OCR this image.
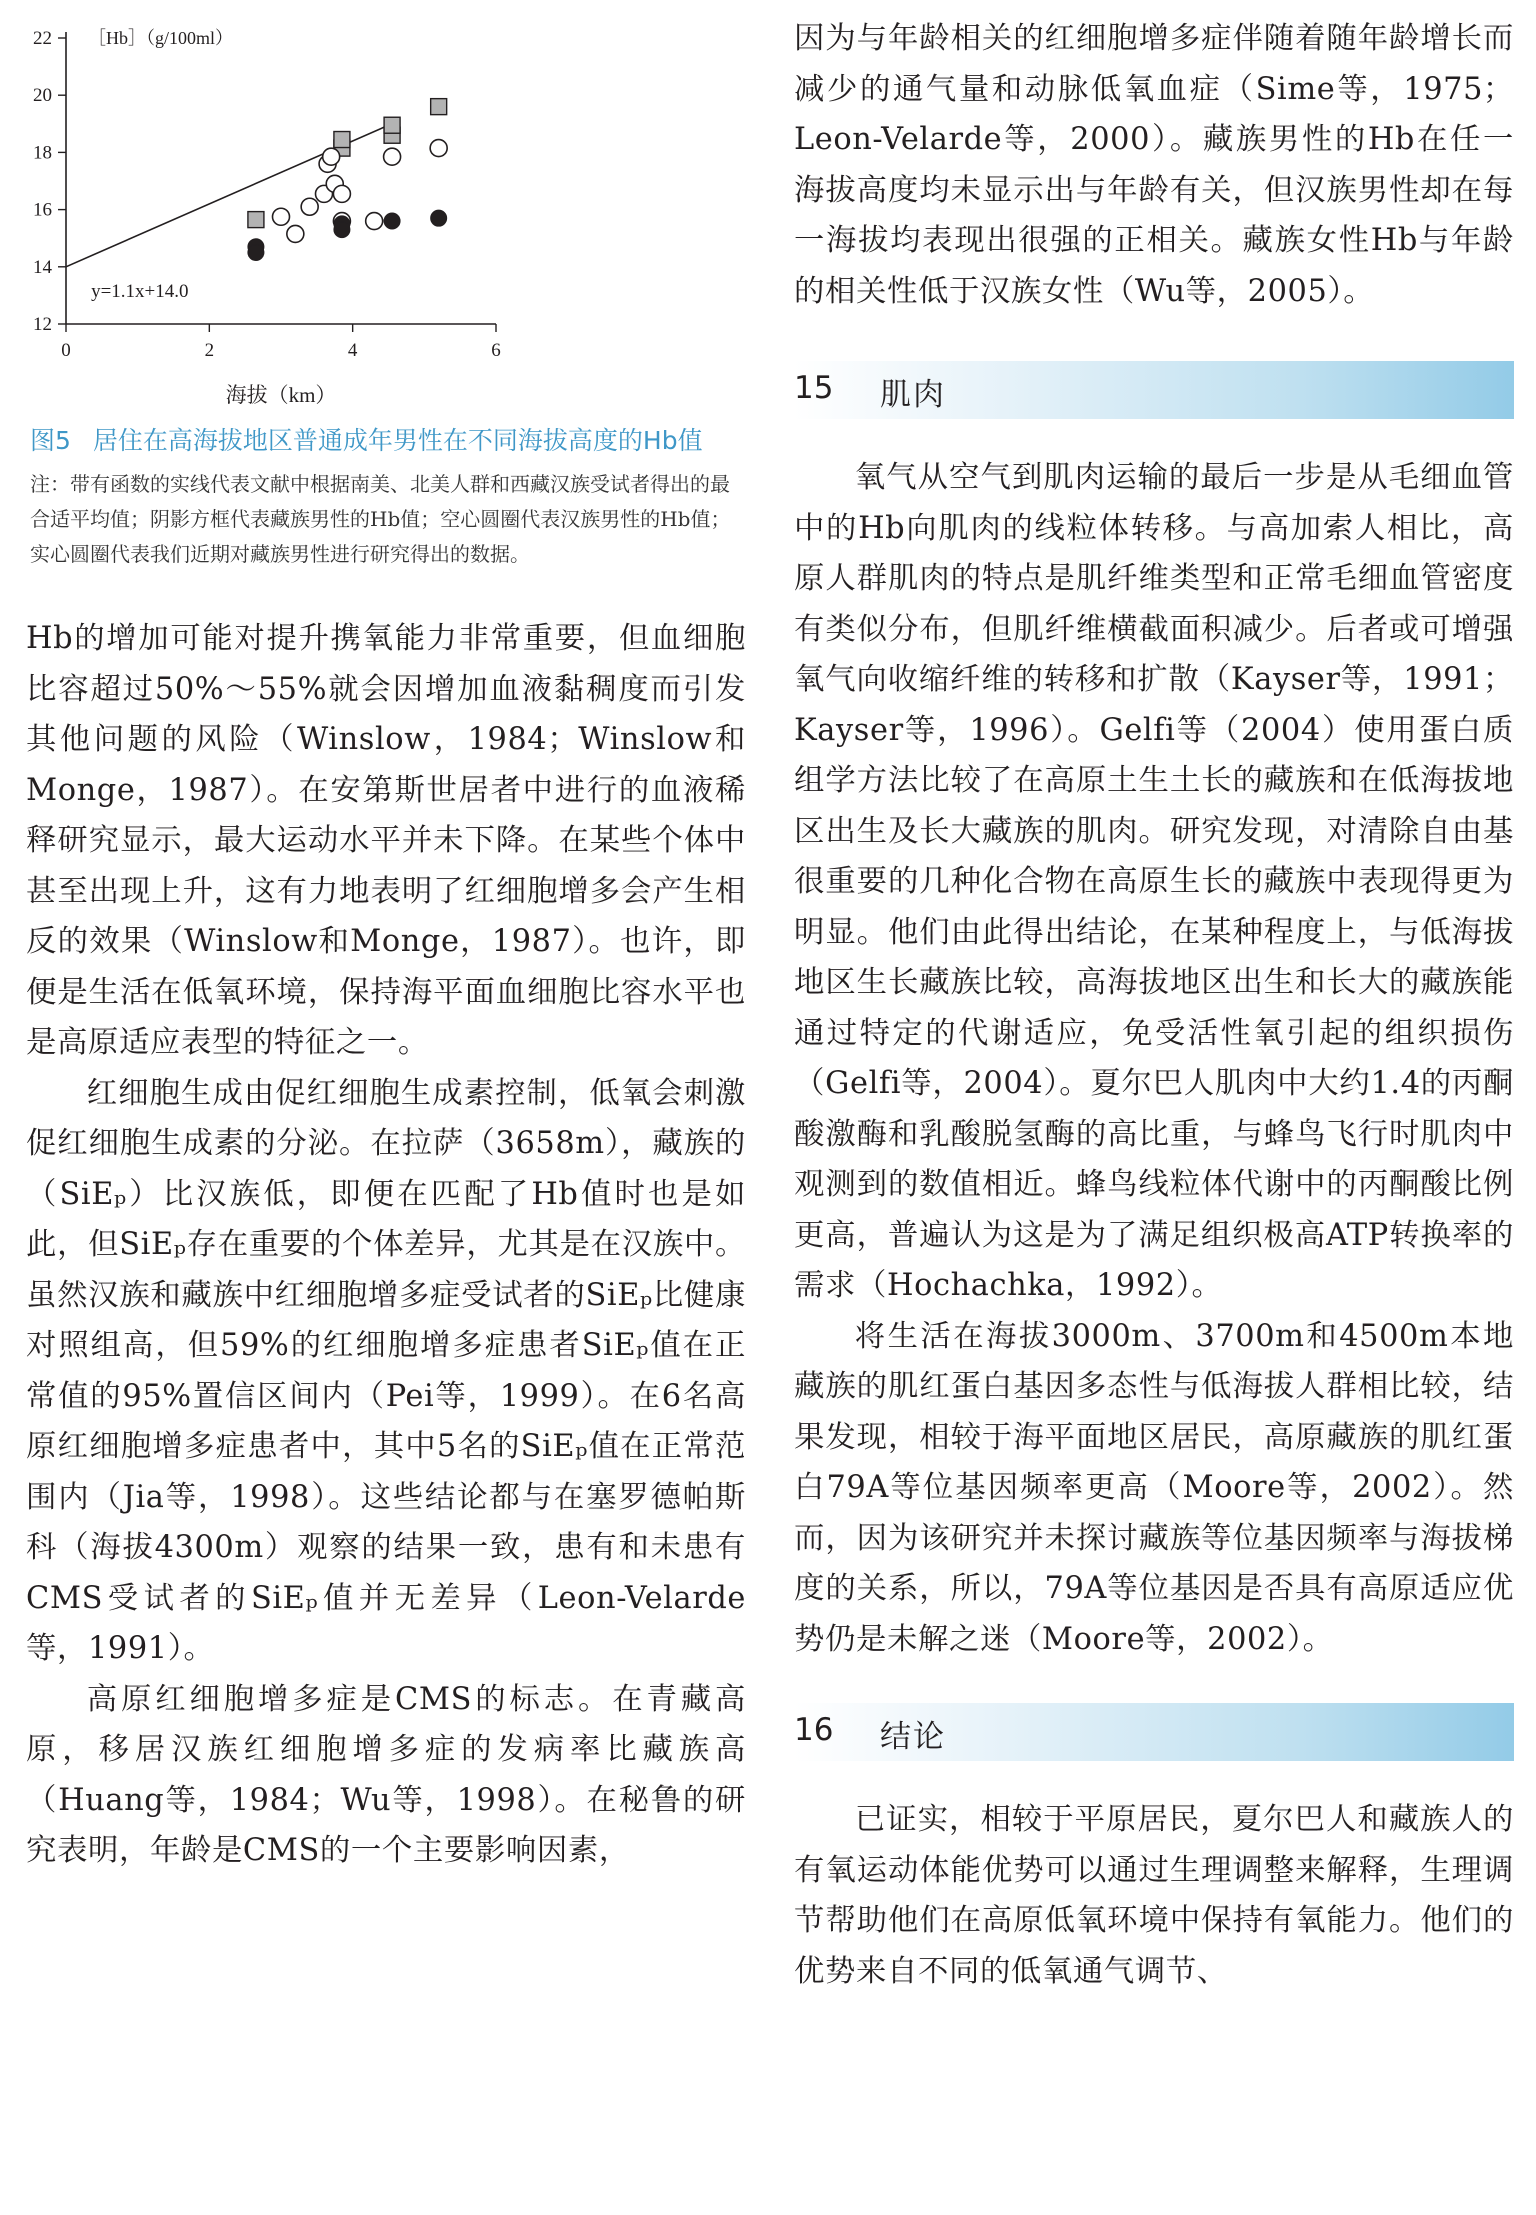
12
14
16
18
20
22
0	2	4	6
［Hb］（g/100ml）
海拔（km）
y=1.1x+14.0

图5 居住在高海拔地区普通成年男性在不同海拔高度的Hb值

注：带有函数的实线代表文献中根据南美、北美人群和西藏汉族受试者得出的最合适平均值；阴影方框代表藏族男性的Hb值；空心圆圈代表汉族男性的Hb值；实心圆圈代表我们近期对藏族男性进行研究得出的数据。

Hb的增加可能对提升携氧能力非常重要，但血细胞比容超过50%～55%就会因增加血液黏稠度而引发其他问题的风险（Winslow，1984；Winslow和Monge，1987）。在安第斯世居者中进行的血液稀释研究显示，最大运动水平并未下降。在某些个体中甚至出现上升，这有力地表明了红细胞增多会产生相反的效果（Winslow和Monge，1987）。也许，即便是生活在低氧环境，保持海平面血细胞比容水平也是高原适应表型的特征之一。

红细胞生成由促红细胞生成素控制，低氧会刺激促红细胞生成素的分泌。在拉萨（3658m），藏族的（SiEₚ）比汉族低，即便在匹配了Hb值时也是如此，但SiEₚ存在重要的个体差异，尤其是在汉族中。虽然汉族和藏族中红细胞增多症受试者的SiEₚ比健康对照组高，但59%的红细胞增多症患者SiEₚ值在正常值的95%置信区间内（Pei等，1999）。在6名高原红细胞增多症患者中，其中5名的SiEₚ值在正常范围内（Jia等，1998）。这些结论都与在塞罗德帕斯科（海拔4300m）观察的结果一致，患有和未患有CMS受试者的SiEₚ值并无差异（Leon-Velarde等，1991）。

高原红细胞增多症是CMS的标志。在青藏高原，移居汉族红细胞增多症的发病率比藏族高（Huang等，1984；Wu等，1998）。在秘鲁的研究表明，年龄是CMS的一个主要影响因素，

因为与年龄相关的红细胞增多症伴随着随年龄增长而减少的通气量和动脉低氧血症（Sime等，1975；Leon-Velarde等，2000）。藏族男性的Hb在任一海拔高度均未显示出与年龄有关，但汉族男性却在每一海拔均表现出很强的正相关。藏族女性Hb与年龄的相关性低于汉族女性（Wu等，2005）。

15 肌肉

氧气从空气到肌肉运输的最后一步是从毛细血管中的Hb向肌肉的线粒体转移。与高加索人相比，高原人群肌肉的特点是肌纤维类型和正常毛细血管密度有类似分布，但肌纤维横截面积减少。后者或可增强氧气向收缩纤维的转移和扩散（Kayser等，1991；Kayser等，1996）。Gelfi等（2004）使用蛋白质组学方法比较了在高原土生土长的藏族和在低海拔地区出生及长大藏族的肌肉。研究发现，对清除自由基很重要的几种化合物在高原生长的藏族中表现得更为明显。他们由此得出结论，在某种程度上，与低海拔地区生长藏族比较，高海拔地区出生和长大的藏族能通过特定的代谢适应，免受活性氧引起的组织损伤（Gelfi等，2004）。夏尔巴人肌肉中大约1.4的丙酮酸激酶和乳酸脱氢酶的高比重，与蜂鸟飞行时肌肉中观测到的数值相近。蜂鸟线粒体代谢中的丙酮酸比例更高，普遍认为这是为了满足组织极高ATP转换率的需求（Hochachka，1992）。

将生活在海拔3000m、3700m和4500m本地藏族的肌红蛋白基因多态性与低海拔人群相比较，结果发现，相较于海平面地区居民，高原藏族的肌红蛋白79A等位基因频率更高（Moore等，2002）。然而，因为该研究并未探讨藏族等位基因频率与海拔梯度的关系，所以，79A等位基因是否具有高原适应优势仍是未解之迷（Moore等，2002）。

16 结论

已证实，相较于平原居民，夏尔巴人和藏族人的有氧运动体能优势可以通过生理调整来解释，生理调节帮助他们在高原低氧环境中保持有氧能力。他们的优势来自不同的低氧通气调节、
